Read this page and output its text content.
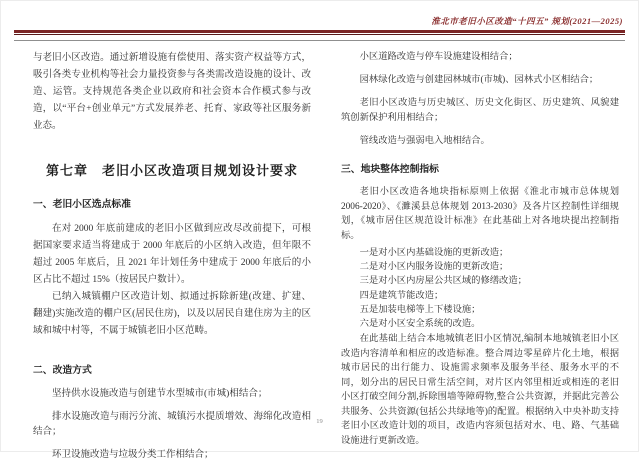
淮北市老旧小区改造“十四五” 规划(2021—2025)

与老旧小区改造。通过新增设施有偿使用、落实资产权益等方式，吸引各类专业机构等社会力量投资参与各类需改造设施的设计、改造、运管。支持规范各类企业以政府和社会资本合作模式参与改造，以“平台+创业单元”方式发展养老、托育、家政等社区服务新业态。

第七章　老旧小区改造项目规划设计要求
一、老旧小区选点标准

在对 2000 年底前建成的老旧小区做到应改尽改前提下，可根据国家要求适当将建成于 2000 年底后的小区纳入改造，但年限不超过 2005 年底后，且 2021 年计划任务中建成于 2000 年底后的小区占比不超过 15%（按居民户数计）。

已纳入城镇棚户区改造计划、拟通过拆除新建(改建、扩建、翻建)实施改造的棚户区(居民住房)，以及以居民自建住房为主的区域和城中村等，不属于城镇老旧小区范畴。

二、改造方式

坚持供水设施改造与创建节水型城市(市城)相结合；

排水设施改造与雨污分流、城镇污水提质增效、海绵化改造相结合；

环卫设施改造与垃圾分类工作相结合；

小区道路改造与停车设施建设相结合；

园林绿化改造与创建园林城市(市城)、园林式小区相结合；

老旧小区改造与历史城区、历史文化街区、历史建筑、风貌建筑创新保护利用相结合；

管线改造与强弱电入地相结合。

三、地块整体控制指标

老旧小区改造各地块指标原则上依据《淮北市城市总体规划 2006-2020》、《濉溪县总体规划 2013-2030》及各片区控制性详细规划，《城市居住区规范设计标准》在此基础上对各地块提出控制指标。

一是对小区内基础设施的更新改造；

二是对小区内服务设施的更新改造；

三是对小区内房屋公共区域的修缮改造；

四是建筑节能改造；

五是加装电梯等上下楼设施；

六是对小区安全系统的改造。

在此基础上结合本地城镇老旧小区情况,编制本地城镇老旧小区改造内容清单和相应的改造标准。整合周边零星碎片化土地，根据城市居民的出行能力、设施需求频率及服务半径、服务水平的不同，划分出的居民日常生活空间，对片区内邻里相近或相连的老旧小区打破空间分割,拆除围墙等障碍物,整合公共资源，并据此完善公共服务、公共资源(包括公共绿地等)的配置。根据纳入中央补助支持老旧小区改造计划的项目，改造内容须包括对水、电、路、气基础设施进行更新改造。

19
